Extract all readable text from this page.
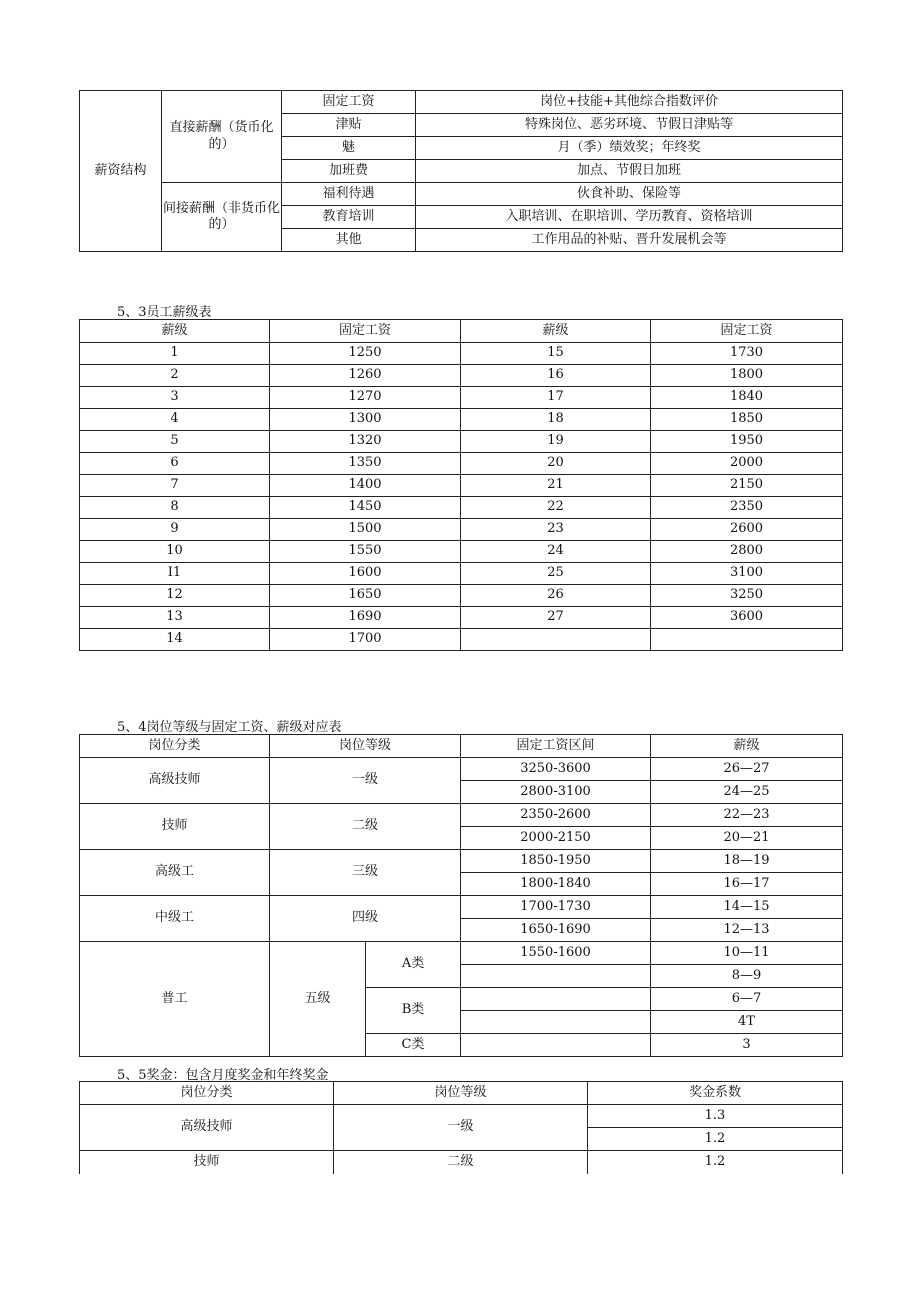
薪资结构	直接薪酬（货币化的）	固定工资	岗位+技能+其他综合指数评价
		津贴	特殊岗位、恶劣环境、节假日津贴等
		魅	月（季）绩效奖；年终奖
		加班费	加点、节假日加班
	间接薪酬（非货币化的）	福利待遇	伙食补助、保险等
		教育培训	入职培训、在职培训、学历教育、资格培训
		其他	工作用品的补贴、晋升发展机会等
5、3员工薪级表
薪级	固定工资	薪级	固定工资
1	1250	15	1730
2	1260	16	1800
3	1270	17	1840
4	1300	18	1850
5	1320	19	1950
6	1350	20	2000
7	1400	21	2150
8	1450	22	2350
9	1500	23	2600
10	1550	24	2800
I1	1600	25	3100
12	1650	26	3250
13	1690	27	3600
14	1700		
5、4岗位等级与固定工资、薪级对应表
岗位分类	岗位等级		固定工资区间	薪级
高级技师	一级		3250-3600	26—27
			2800-3100	24—25
技师	二级		2350-2600	22—23
			2000-2150	20—21
高级工	三级		1850-1950	18—19
			1800-1840	16—17
中级工	四级		1700-1730	14—15
			1650-1690	12—13
普工	五级	A类	1550-1600	10—11
				8—9
		B类		6—7
				4T
		C类		3
5、5奖金：包含月度奖金和年终奖金
岗位分类	岗位等级	奖金系数
高级技师	一级	1.3
		1.2
技师	二级	1.2
